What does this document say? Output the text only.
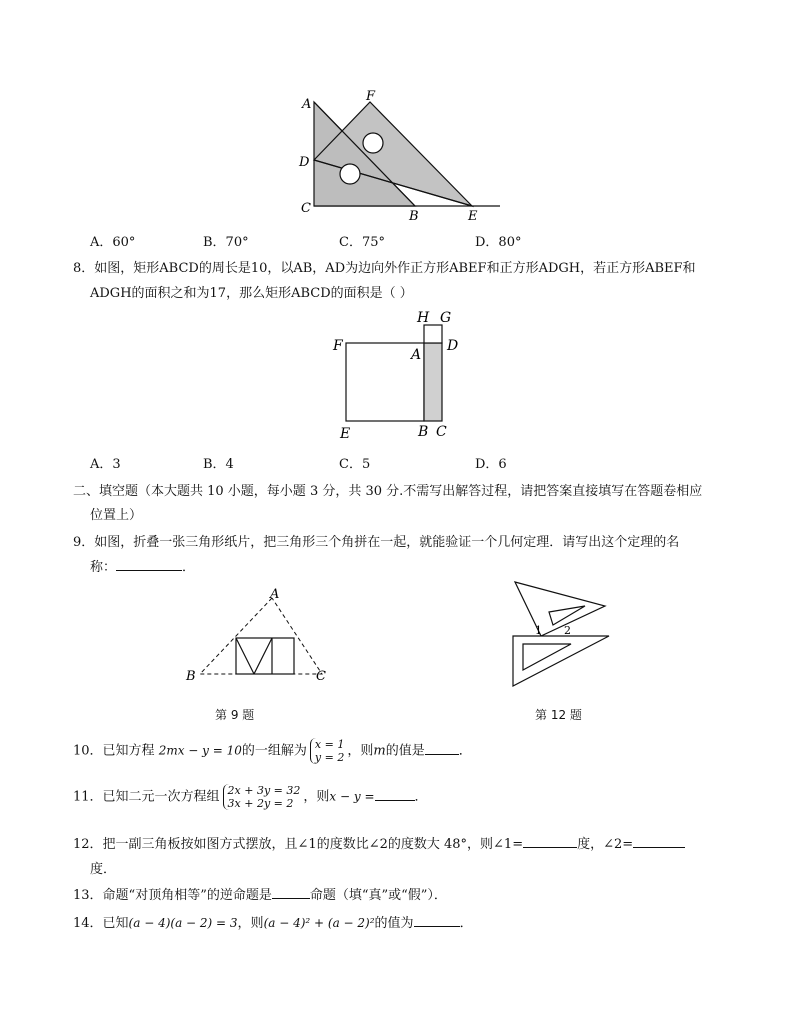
A
F
D
C
B	E
A．60°	B．70°	C．75°	D．80°
8．如图，矩形ABCD的周长是10，以AB，AD为边向外作正方形ABEF和正方形ADGH，若正方形ABEF和
ADGH的面积之和为17，那么矩形ABCD的面积是（ ）
H G
F
A
D
E	B C
A．3	B．4	C．5	D．6
二、填空题（本大题共 10 小题，每小题 3 分，共 30 分.不需写出解答过程，请把答案直接填写在答题卷相应
位置上）
9．如图，折叠一张三角形纸片，把三角形三个角拼在一起，就能验证一个几何定理．请写出这个定理的名
称：	．
A
B	C
第 9 题
1 2
第 12 题
10．已知方程 2mx − y = 10的一组解为 x = 1
y = 2 ，则m的值是	．
11．已知二元一次方程组 2x + 3y = 32
3x + 2y = 2 ，则x − y =	．
12．把一副三角板按如图方式摆放，且∠1的度数比∠2的度数大 48°，则∠1=	度，∠2=
度．
13．命题“对顶角相等”的逆命题是	命题（填“真”或“假”）．
14．已知(a − 4)(a − 2) = 3，则(a − 4)² + (a − 2)²的值为	．
